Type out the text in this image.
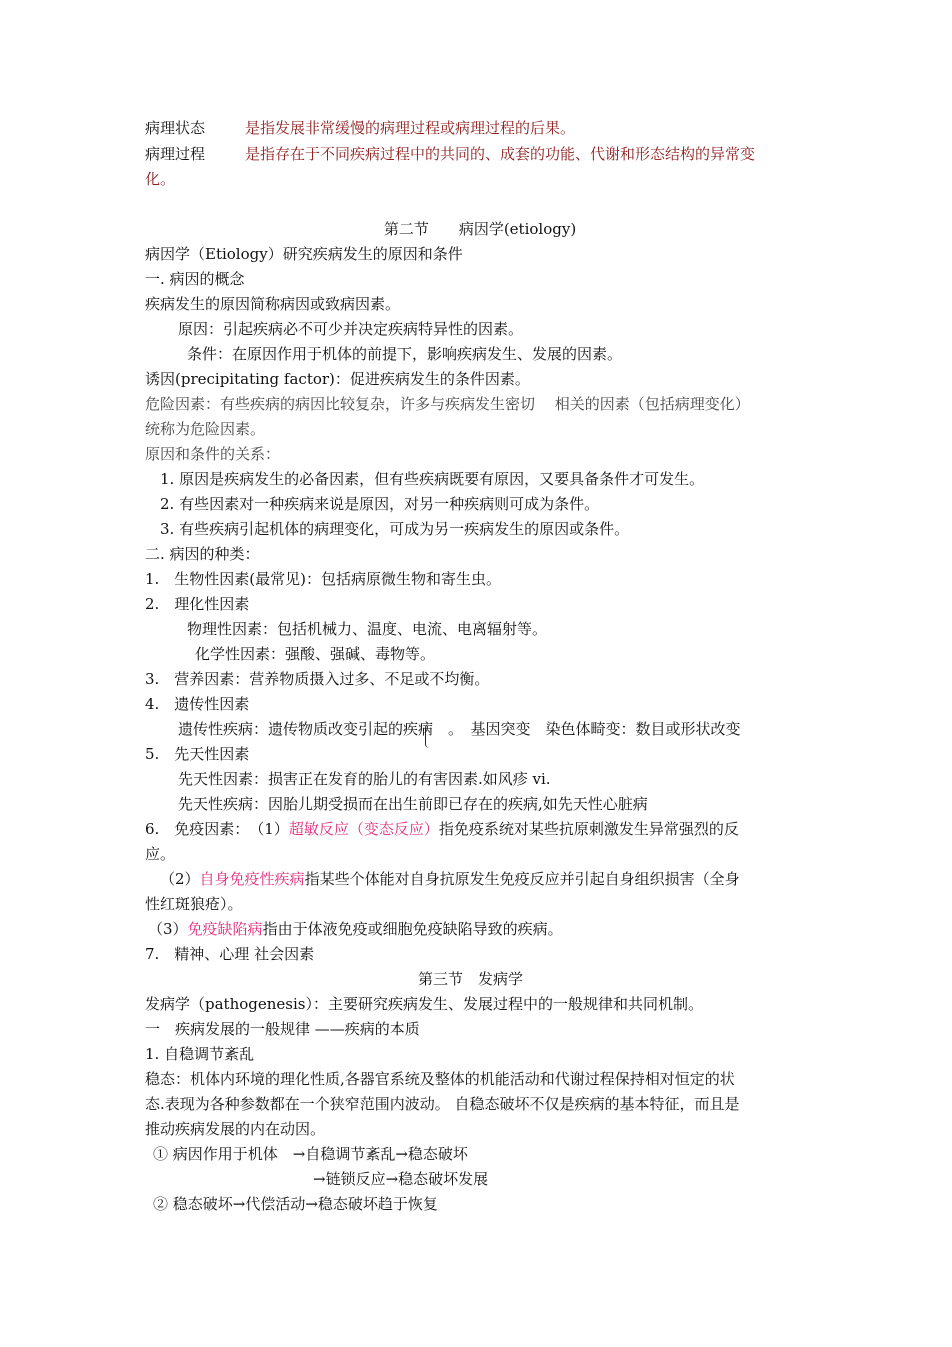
病理状态	是指发展非常缓慢的病理过程或病理过程的后果。
病理过程	是指存在于不同疾病过程中的共同的、成套的功能、代谢和形态结构的异常变
化。
第二节　　病因学(etiology)
病因学（Etiology）研究疾病发生的原因和条件
一. 病因的概念
疾病发生的原因简称病因或致病因素。
原因：引起疾病必不可少并决定疾病特异性的因素。
条件：在原因作用于机体的前提下，影响疾病发生、发展的因素。
诱因(precipitating factor)：促进疾病发生的条件因素。
危险因素：有些疾病的病因比较复杂，许多与疾病发生密切　 相关的因素（包括病理变化）
统称为危险因素。
原因和条件的关系：
1. 原因是疾病发生的必备因素，但有些疾病既要有原因，又要具备条件才可发生。
2. 有些因素对一种疾病来说是原因，对另一种疾病则可成为条件。
3. 有些疾病引起机体的病理变化，可成为另一疾病发生的原因或条件。
二. 病因的种类：
1.　生物性因素(最常见)：包括病原微生物和寄生虫。
2.　理化性因素
物理性因素：包括机械力、温度、电流、电离辐射等。
化学性因素：强酸、强碱、毒物等。
3.　营养因素：营养物质摄入过多、不足或不均衡。
4.　遗传性因素
遗传性疾病：遗传物质改变引起的疾病　。　基因突变　染色体畸变：数目或形状改变
5.　先天性因素
先天性因素：损害正在发育的胎儿的有害因素.如风疹 vi.
先天性疾病：因胎儿期受损而在出生前即已存在的疾病,如先天性心脏病
6.　免疫因素：　（1）超敏反应（变态反应）指免疫系统对某些抗原刺激发生异常强烈的反
应。
（2）自身免疫性疾病指某些个体能对自身抗原发生免疫反应并引起自身组织损害（全身
性红斑狼疮）。
（3）免疫缺陷病指由于体液免疫或细胞免疫缺陷导致的疾病。
7.　精神、心理 社会因素
第三节　发病学
发病学（pathogenesis）：主要研究疾病发生、发展过程中的一般规律和共同机制。
一　疾病发展的一般规律 ——疾病的本质
1. 自稳调节紊乱
稳态：机体内环境的理化性质,各器官系统及整体的机能活动和代谢过程保持相对恒定的状
态.表现为各种参数都在一个狭窄范围内波动。 自稳态破坏不仅是疾病的基本特征，而且是
推动疾病发展的内在动因。
① 病因作用于机体　→自稳调节紊乱→稳态破坏
→链锁反应→稳态破坏发展
② 稳态破坏→代偿活动→稳态破坏趋于恢复
